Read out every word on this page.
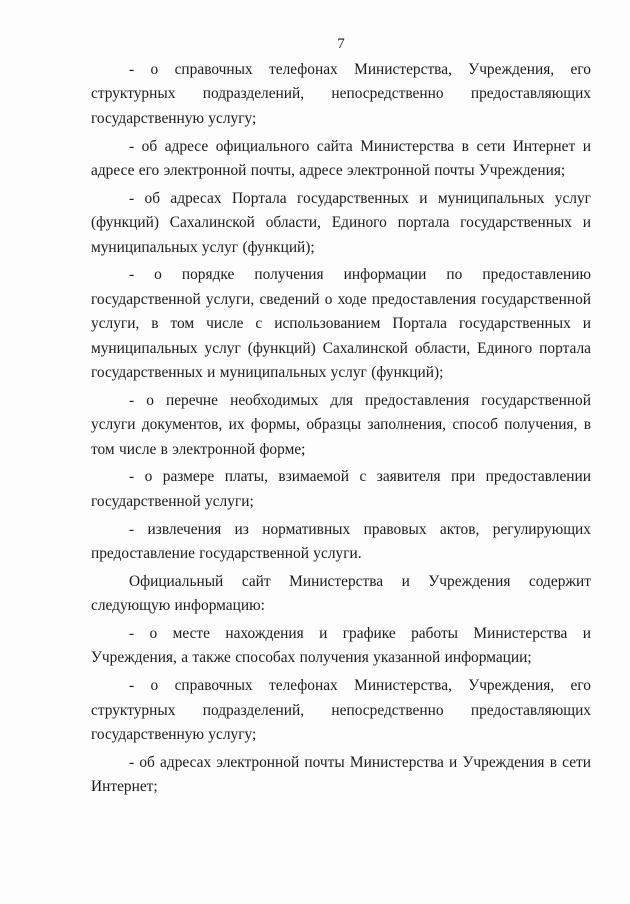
7

- о справочных телефонах Министерства, Учреждения, его структурных подразделений, непосредственно предоставляющих государственную услугу;

- об адресе официального сайта Министерства в сети Интернет и адресе его электронной почты, адресе электронной почты Учреждения;

- об адресах Портала государственных и муниципальных услуг (функций) Сахалинской области, Единого портала государственных и муниципальных услуг (функций);

- о порядке получения информации по предоставлению государственной услуги, сведений о ходе предоставления государственной услуги, в том числе с использованием Портала государственных и муниципальных услуг (функций) Сахалинской области, Единого портала государственных и муниципальных услуг (функций);

- о перечне необходимых для предоставления государственной услуги документов, их формы, образцы заполнения, способ получения, в том числе в электронной форме;

- о размере платы, взимаемой с заявителя при предоставлении государственной услуги;

- извлечения из нормативных правовых актов, регулирующих предоставление государственной услуги.

Официальный сайт Министерства и Учреждения содержит следующую информацию:

- о месте нахождения и графике работы Министерства и Учреждения, а также способах получения указанной информации;

- о справочных телефонах Министерства, Учреждения, его структурных подразделений, непосредственно предоставляющих государственную услугу;

- об адресах электронной почты Министерства и Учреждения в сети Интернет;
